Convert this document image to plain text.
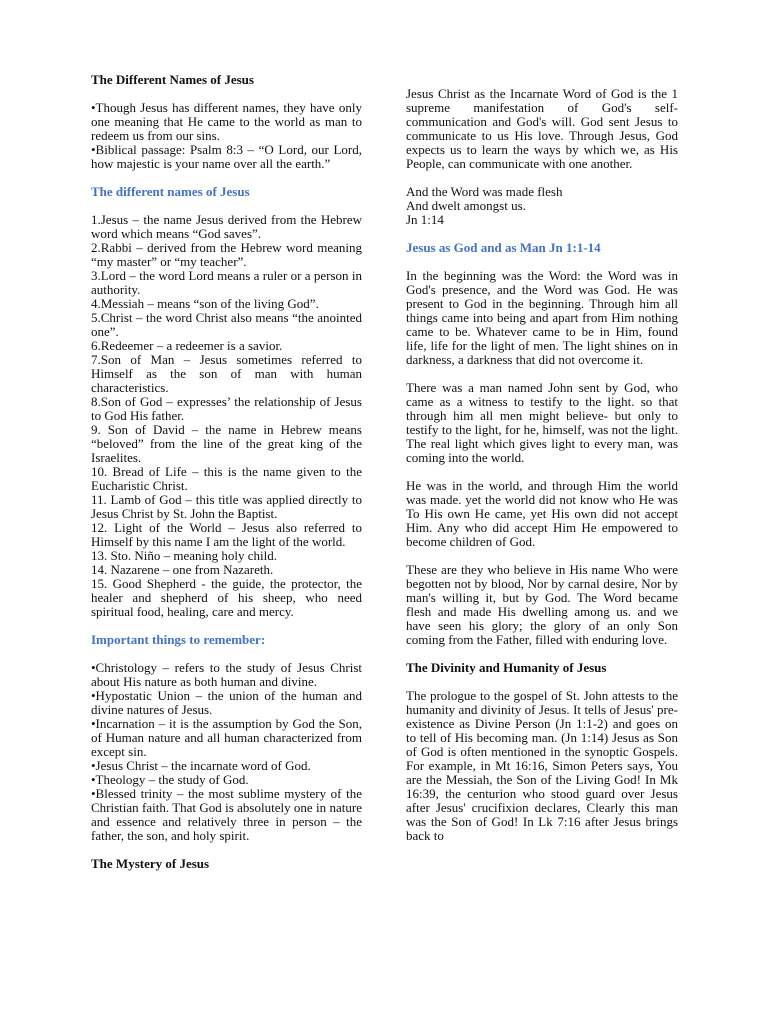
The Different Names of Jesus
•Though Jesus has different names, they have only one meaning that He came to the world as man to redeem us from our sins.
•Biblical passage: Psalm 8:3 – “O Lord, our Lord, how majestic is your name over all the earth.”
The different names of Jesus
1.Jesus – the name Jesus derived from the Hebrew word which means “God saves”.
2.Rabbi – derived from the Hebrew word meaning “my master” or “my teacher”.
3.Lord – the word Lord means a ruler or a person in authority.
4.Messiah – means “son of the living God”.
5.Christ – the word Christ also means “the anointed one”.
6.Redeemer – a redeemer is a savior.
7.Son of Man – Jesus sometimes referred to Himself as the son of man with human characteristics.
8.Son of God – expresses’ the relationship of Jesus to God His father.
9. Son of David – the name in Hebrew means “beloved” from the line of the great king of the Israelites.
10. Bread of Life – this is the name given to the Eucharistic Christ.
11. Lamb of God – this title was applied directly to Jesus Christ by St. John the Baptist.
12. Light of the World – Jesus also referred to Himself by this name I am the light of the world.
13. Sto. Niño – meaning holy child.
14. Nazarene – one from Nazareth.
15. Good Shepherd - the guide, the protector, the healer and shepherd of his sheep, who need spiritual food, healing, care and mercy.
Important things to remember:
•Christology – refers to the study of Jesus Christ about His nature as both human and divine.
•Hypostatic Union – the union of the human and divine natures of Jesus.
•Incarnation – it is the assumption by God the Son, of Human nature and all human characterized from except sin.
•Jesus Christ – the incarnate word of God.
•Theology – the study of God.
•Blessed trinity – the most sublime mystery of the Christian faith. That God is absolutely one in nature and essence and relatively three in person – the father, the son, and holy spirit.
The Mystery of Jesus

Jesus Christ as the Incarnate Word of God is the 1 supreme manifestation of God's self-communication and God's will. God sent Jesus to communicate to us His love. Through Jesus, God expects us to learn the ways by which we, as His People, can communicate with one another.

And the Word was made flesh
And dwelt amongst us.
Jn 1:14
Jesus as God and as Man Jn 1:1-14

In the beginning was the Word: the Word was in God's presence, and the Word was God. He was present to God in the beginning. Through him all things came into being and apart from Him nothing came to be. Whatever came to be in Him, found life, life for the light of men. The light shines on in darkness, a darkness that did not overcome it.

There was a man named John sent by God, who came as a witness to testify to the light. so that through him all men might believe- but only to testify to the light, for he, himself, was not the light. The real light which gives light to every man, was coming into the world.

He was in the world, and through Him the world was made. yet the world did not know who He was To His own He came, yet His own did not accept Him. Any who did accept Him He empowered to become children of God.

These are they who believe in His name Who were begotten not by blood, Nor by carnal desire, Nor by man's willing it, but by God. The Word became flesh and made His dwelling among us. and we have seen his glory; the glory of an only Son coming from the Father, filled with enduring love.

The Divinity and Humanity of Jesus

The prologue to the gospel of St. John attests to the humanity and divinity of Jesus. It tells of Jesus' pre-existence as Divine Person (Jn 1:1-2) and goes on to tell of His becoming man. (Jn 1:14) Jesus as Son of God is often mentioned in the synoptic Gospels. For example, in Mt 16:16, Simon Peters says, You are the Messiah, the Son of the Living God! In Mk 16:39, the centurion who stood guard over Jesus after Jesus' crucifixion declares, Clearly this man was the Son of God! In Lk 7:16 after Jesus brings back to
